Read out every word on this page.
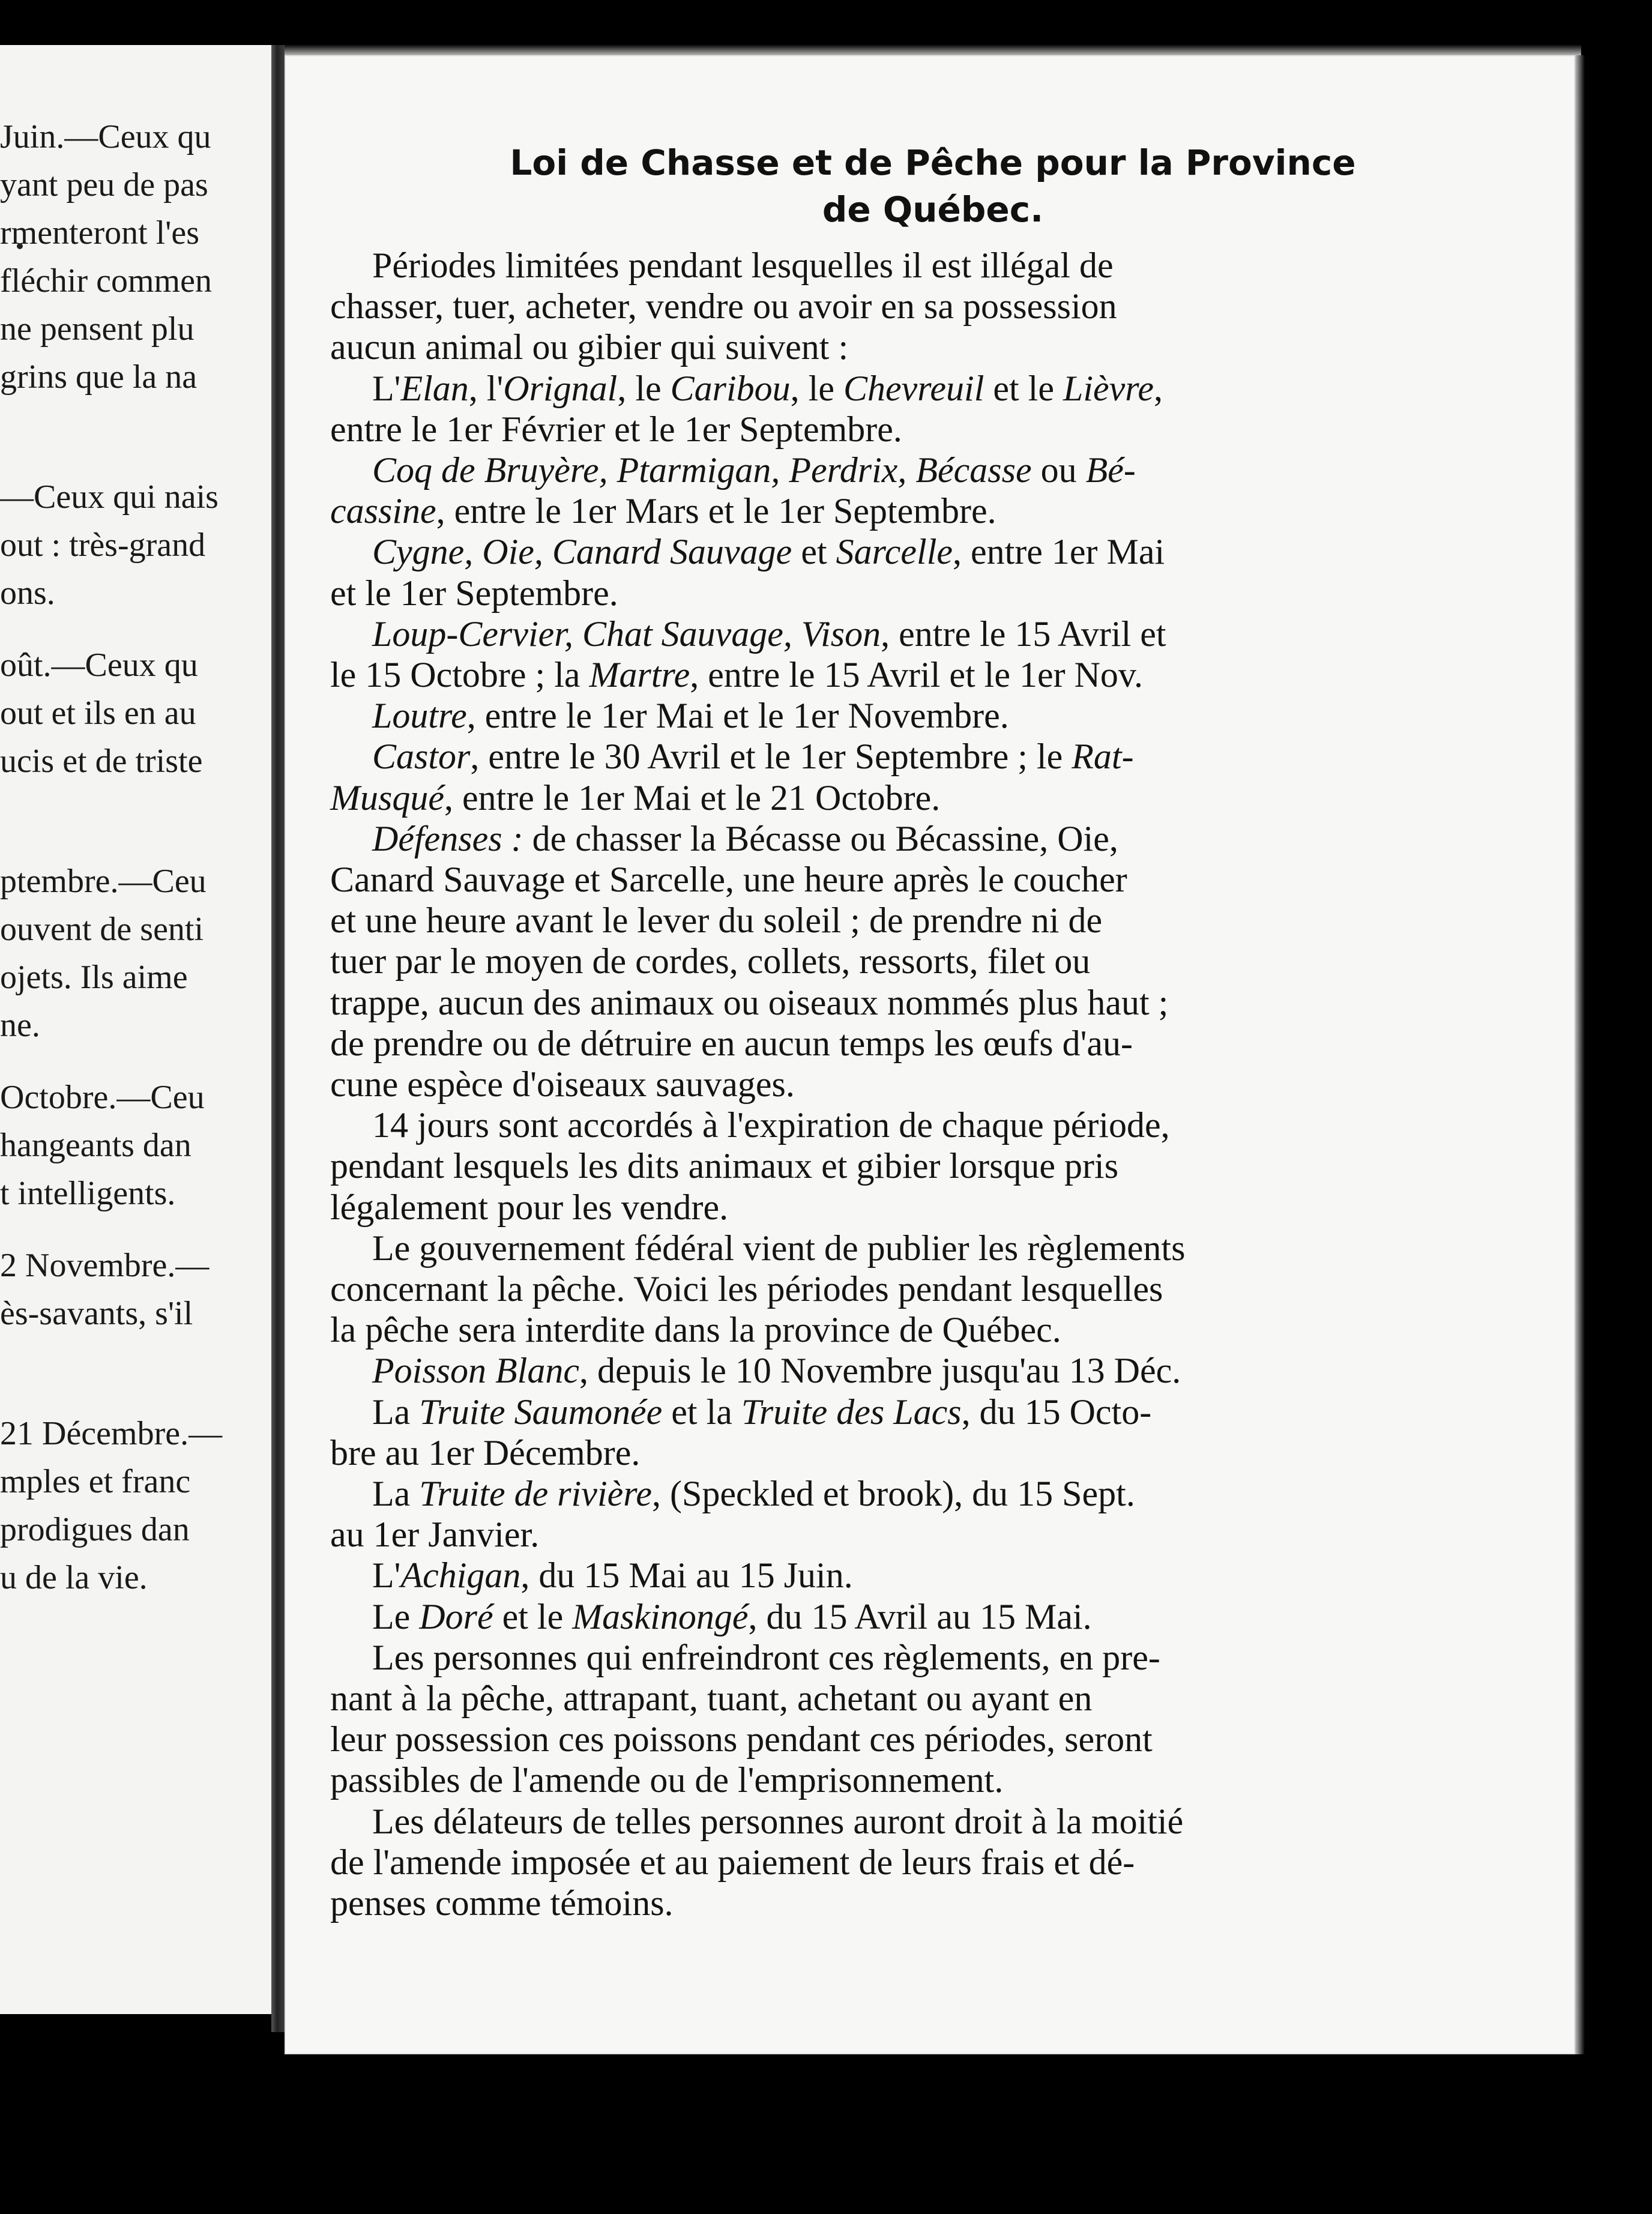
Juin.—Ceux qu
yant peu de pas
rmenteront l'es
fléchir commen
ne pensent plu
grins que la na
—Ceux qui nais
out : très-grand
ons.
oût.—Ceux qu
out et ils en au
ucis et de triste
ptembre.—Ceu
ouvent de senti
ojets. Ils aime
ne.
Octobre.—Ceu
hangeants dan
t intelligents.
2 Novembre.—
ès-savants, s'il
21 Décembre.—
mples et franc
prodigues dan
u de la vie.
Loi de Chasse et de Pêche pour la Province
de Québec.
Périodes limitées pendant lesquelles il est illégal de
chasser, tuer, acheter, vendre ou avoir en sa possession
aucun animal ou gibier qui suivent :
L'Elan, l'Orignal, le Caribou, le Chevreuil et le Lièvre,
entre le 1er Février et le 1er Septembre.
Coq de Bruyère, Ptarmigan, Perdrix, Bécasse ou Bé-
cassine, entre le 1er Mars et le 1er Septembre.
Cygne, Oie, Canard Sauvage et Sarcelle, entre 1er Mai
et le 1er Septembre.
Loup-Cervier, Chat Sauvage, Vison, entre le 15 Avril et
le 15 Octobre ; la Martre, entre le 15 Avril et le 1er Nov.
Loutre, entre le 1er Mai et le 1er Novembre.
Castor, entre le 30 Avril et le 1er Septembre ; le Rat-
Musqué, entre le 1er Mai et le 21 Octobre.
Défenses : de chasser la Bécasse ou Bécassine, Oie,
Canard Sauvage et Sarcelle, une heure après le coucher
et une heure avant le lever du soleil ; de prendre ni de
tuer par le moyen de cordes, collets, ressorts, filet ou
trappe, aucun des animaux ou oiseaux nommés plus haut ;
de prendre ou de détruire en aucun temps les œufs d'au-
cune espèce d'oiseaux sauvages.
14 jours sont accordés à l'expiration de chaque période,
pendant lesquels les dits animaux et gibier lorsque pris
légalement pour les vendre.
Le gouvernement fédéral vient de publier les règlements
concernant la pêche. Voici les périodes pendant lesquelles
la pêche sera interdite dans la province de Québec.
Poisson Blanc, depuis le 10 Novembre jusqu'au 13 Déc.
La Truite Saumonée et la Truite des Lacs, du 15 Octo-
bre au 1er Décembre.
La Truite de rivière, (Speckled et brook), du 15 Sept.
au 1er Janvier.
L'Achigan, du 15 Mai au 15 Juin.
Le Doré et le Maskinongé, du 15 Avril au 15 Mai.
Les personnes qui enfreindront ces règlements, en pre-
nant à la pêche, attrapant, tuant, achetant ou ayant en
leur possession ces poissons pendant ces périodes, seront
passibles de l'amende ou de l'emprisonnement.
Les délateurs de telles personnes auront droit à la moitié
de l'amende imposée et au paiement de leurs frais et dé-
penses comme témoins.
